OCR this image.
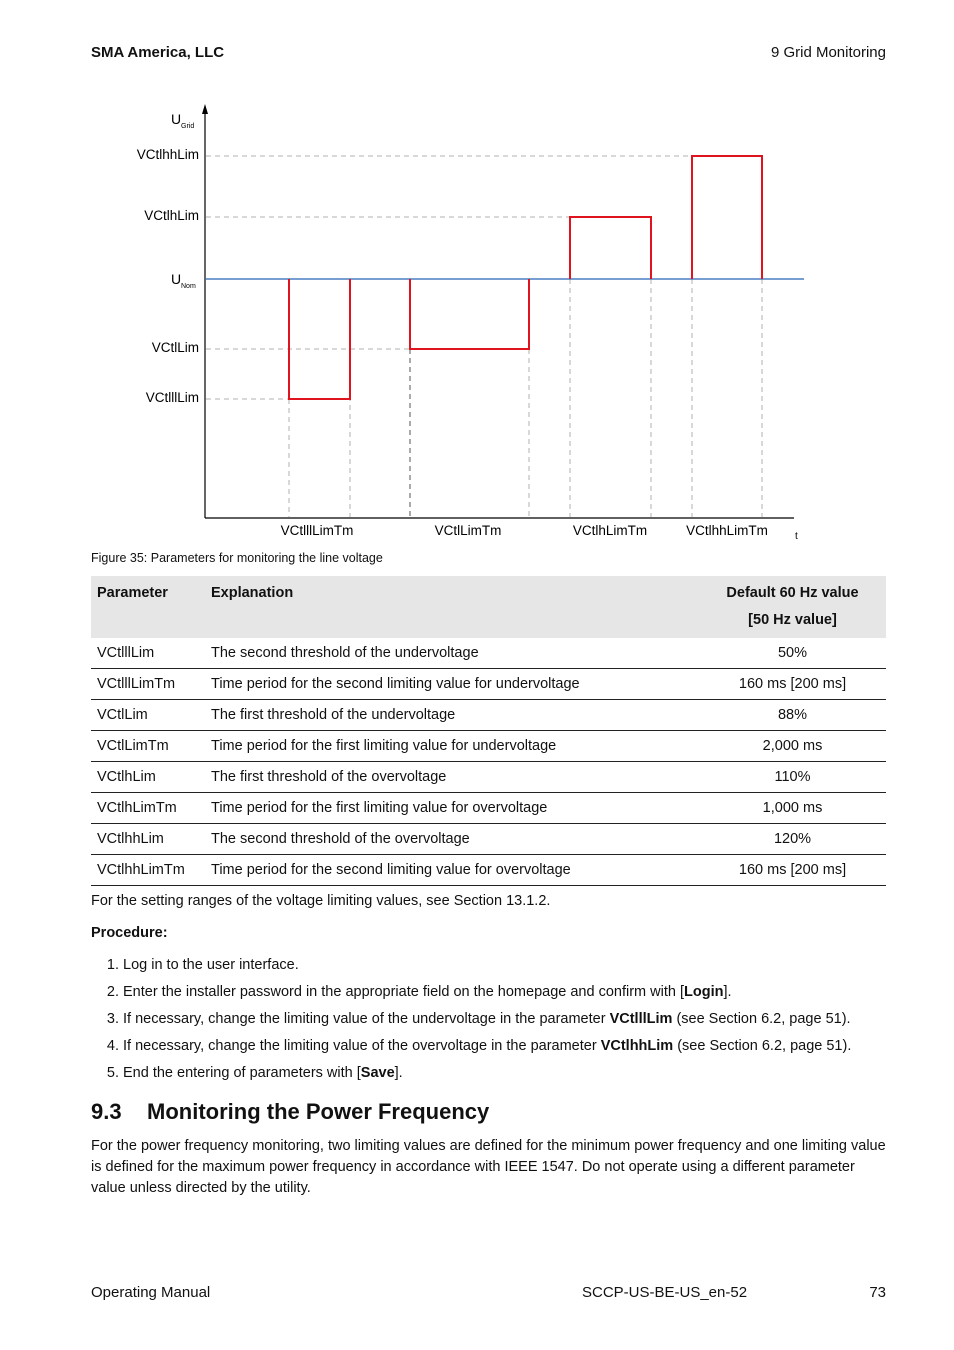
SMA America, LLC	9 Grid Monitoring
U Grid
VCtlhhLim
VCtlhLim
U Nom
VCtlLim
VCtlllLim
VCtlllLimTm	VCtlLimTm	VCtlhLimTm	VCtlhhLimTm	t
Figure 35: Parameters for monitoring the line voltage
Parameter	Explanation	Default 60 Hz value
[50 Hz value]
VCtlllLim	The second threshold of the undervoltage	50%
VCtlllLimTm	Time period for the second limiting value for undervoltage	160 ms [200 ms]
VCtlLim	The first threshold of the undervoltage	88%
VCtlLimTm	Time period for the first limiting value for undervoltage	2,000 ms
VCtlhLim	The first threshold of the overvoltage	110%
VCtlhLimTm	Time period for the first limiting value for overvoltage	1,000 ms
VCtlhhLim	The second threshold of the overvoltage	120%
VCtlhhLimTm	Time period for the second limiting value for overvoltage	160 ms [200 ms]
For the setting ranges of the voltage limiting values, see Section 13.1.2.
Procedure:
1. Log in to the user interface.
2. Enter the installer password in the appropriate field on the homepage and confirm with [Login].
3. If necessary, change the limiting value of the undervoltage in the parameter VCtlllLim (see Section 6.2, page 51).
4. If necessary, change the limiting value of the overvoltage in the parameter VCtlhhLim (see Section 6.2, page 51).
5. End the entering of parameters with [Save].
9.3 Monitoring the Power Frequency
For the power frequency monitoring, two limiting values are defined for the minimum power frequency and one limiting value is defined for the maximum power frequency in accordance with IEEE 1547. Do not operate using a different parameter value unless directed by the utility.
Operating Manual	SCCP-US-BE-US_en-52	73
